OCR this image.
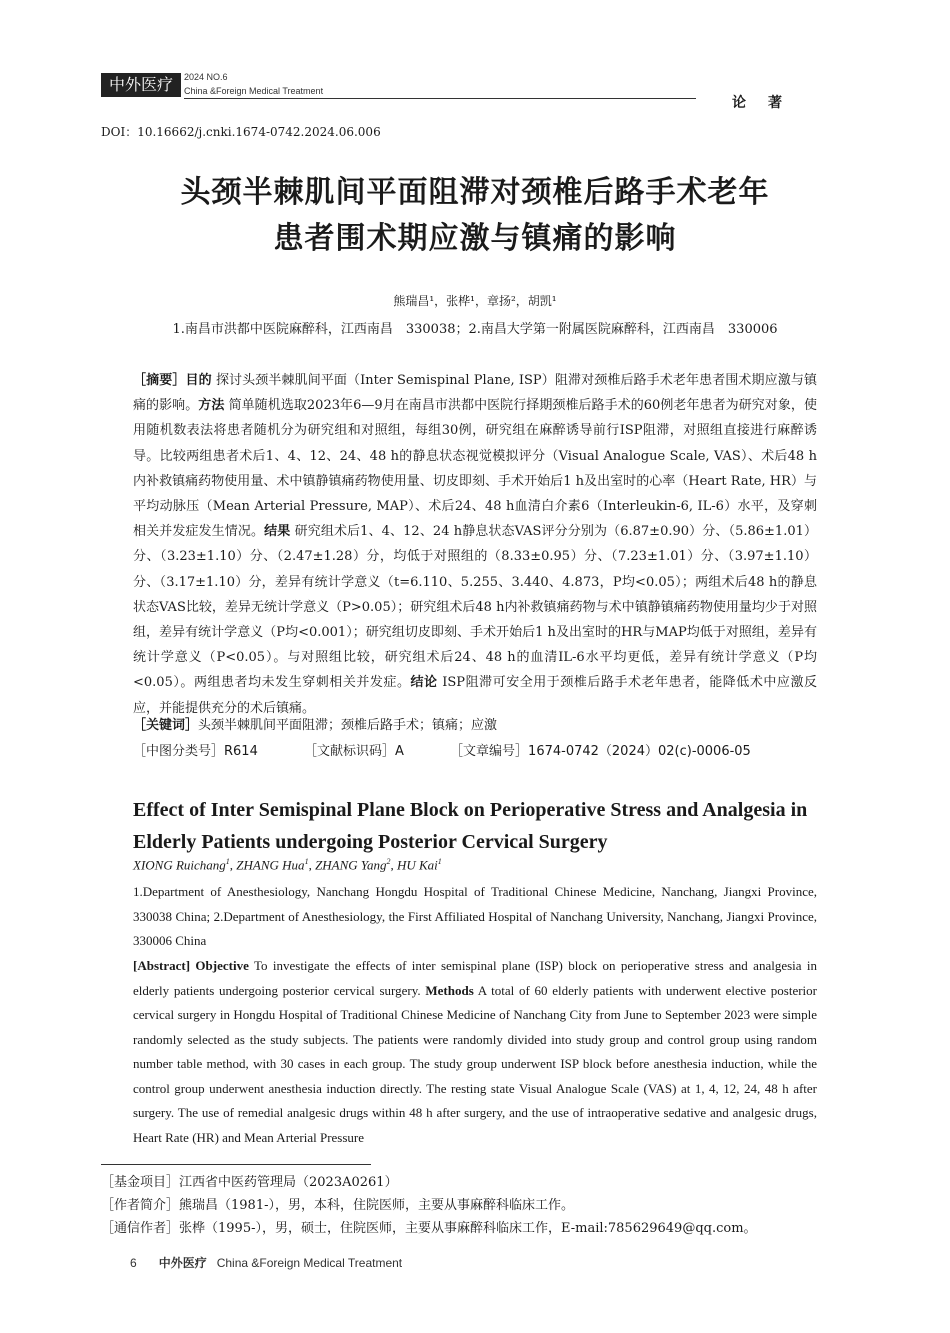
中外医疗	2024 NO.6
China &Foreign Medical Treatment
论著
DOI：10.16662/j.cnki.1674-0742.2024.06.006
头颈半棘肌间平面阻滞对颈椎后路手术老年
患者围术期应激与镇痛的影响
熊瑞昌¹，张桦¹，章扬²，胡凯¹
1.南昌市洪都中医院麻醉科，江西南昌　330038；2.南昌大学第一附属医院麻醉科，江西南昌　330006
［摘要］目的 探讨头颈半棘肌间平面（Inter Semispinal Plane, ISP）阻滞对颈椎后路手术老年患者围术期应激与镇痛的影响。方法 简单随机选取2023年6—9月在南昌市洪都中医院行择期颈椎后路手术的60例老年患者为研究对象，使用随机数表法将患者随机分为研究组和对照组，每组30例，研究组在麻醉诱导前行ISP阻滞，对照组直接进行麻醉诱导。比较两组患者术后1、4、12、24、48 h的静息状态视觉模拟评分（Visual Analogue Scale, VAS）、术后48 h内补救镇痛药物使用量、术中镇静镇痛药物使用量、切皮即刻、手术开始后1 h及出室时的心率（Heart Rate, HR）与平均动脉压（Mean Arterial Pressure, MAP）、术后24、48 h血清白介素6（Interleukin-6, IL-6）水平，及穿刺相关并发症发生情况。结果 研究组术后1、4、12、24 h静息状态VAS评分分别为（6.87±0.90）分、（5.86±1.01）分、（3.23±1.10）分、（2.47±1.28）分，均低于对照组的（8.33±0.95）分、（7.23±1.01）分、（3.97±1.10）分、（3.17±1.10）分，差异有统计学意义（t=6.110、5.255、3.440、4.873，P均<0.05）；两组术后48 h的静息状态VAS比较，差异无统计学意义（P>0.05）；研究组术后48 h内补救镇痛药物与术中镇静镇痛药物使用量均少于对照组，差异有统计学意义（P均<0.001）；研究组切皮即刻、手术开始后1 h及出室时的HR与MAP均低于对照组，差异有统计学意义（P<0.05）。与对照组比较，研究组术后24、48 h的血清IL-6水平均更低，差异有统计学意义（P均<0.05）。两组患者均未发生穿刺相关并发症。结论 ISP阻滞可安全用于颈椎后路手术老年患者，能降低术中应激反应，并能提供充分的术后镇痛。
［关键词］头颈半棘肌间平面阻滞；颈椎后路手术；镇痛；应激
［中图分类号］R614	［文献标识码］A	［文章编号］1674-0742（2024）02(c)-0006-05
Effect of Inter Semispinal Plane Block on Perioperative Stress and Analgesia in Elderly Patients undergoing Posterior Cervical Surgery
XIONG Ruichang$^1$, ZHANG Hua$^1$, ZHANG Yang$^2$, HU Kai$^1$
1.Department of Anesthesiology, Nanchang Hongdu Hospital of Traditional Chinese Medicine, Nanchang, Jiangxi Province, 330038 China; 2.Department of Anesthesiology, the First Affiliated Hospital of Nanchang University, Nanchang, Jiangxi Province, 330006 China
[Abstract] Objective To investigate the effects of inter semispinal plane (ISP) block on perioperative stress and analgesia in elderly patients undergoing posterior cervical surgery. Methods A total of 60 elderly patients with underwent elective posterior cervical surgery in Hongdu Hospital of Traditional Chinese Medicine of Nanchang City from June to September 2023 were simple randomly selected as the study subjects. The patients were randomly divided into study group and control group using random number table method, with 30 cases in each group. The study group underwent ISP block before anesthesia induction, while the control group underwent anesthesia induction directly. The resting state Visual Analogue Scale (VAS) at 1, 4, 12, 24, 48 h after surgery. The use of remedial analgesic drugs within 48 h after surgery, and the use of intraoperative sedative and analgesic drugs, Heart Rate (HR) and Mean Arterial Pressure
［基金项目］江西省中医药管理局（2023A0261）
［作者简介］熊瑞昌（1981-），男，本科，住院医师，主要从事麻醉科临床工作。
［通信作者］张桦（1995-），男，硕士，住院医师，主要从事麻醉科临床工作，E-mail:785629649@qq.com。
6 中外医疗 China &Foreign Medical Treatment
